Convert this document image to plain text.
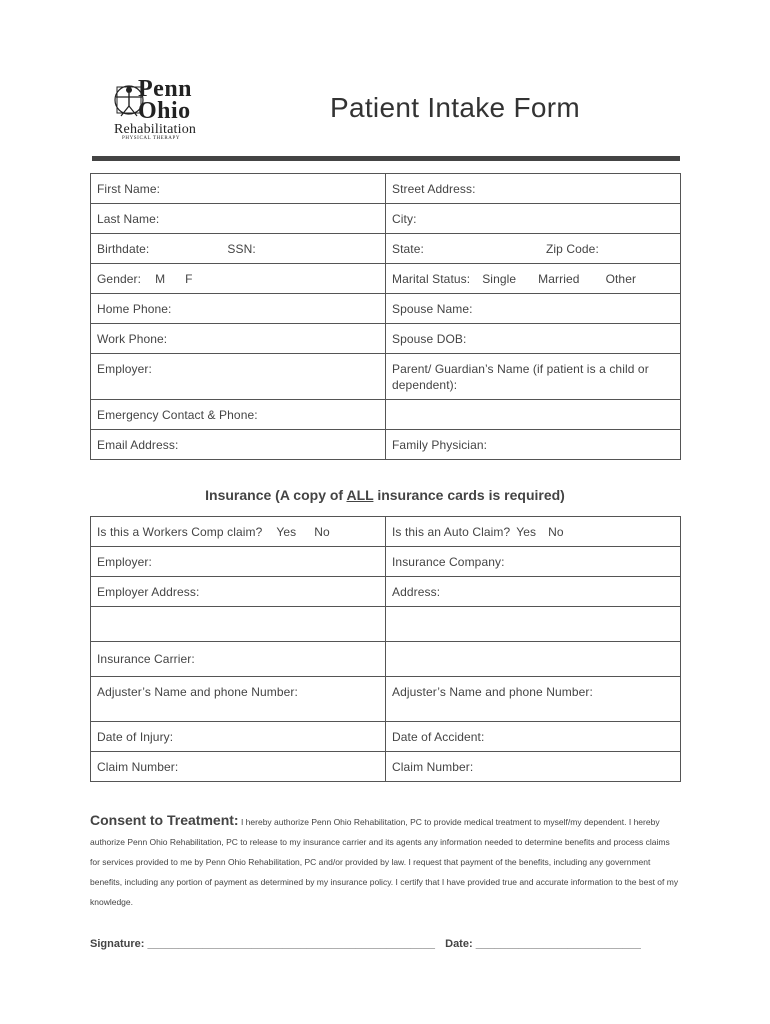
Penn
Ohio
Rehabilitation
PHYSICAL THERAPY
Patient Intake Form
First Name:	Street Address:
Last Name:	City:
Birthdate: SSN:	State: Zip Code:
Gender: M F	Marital Status: Single Married Other
Home Phone:	Spouse Name:
Work Phone:	Spouse DOB:
Employer:	Parent/ Guardian’s Name (if patient is a child or dependent):
Emergency Contact & Phone:	
Email Address:	Family Physician:
Insurance (A copy of ALL insurance cards is required)
Is this a Workers Comp claim? Yes No	Is this an Auto Claim? Yes No
Employer:	Insurance Company:
Employer Address:	Address:

Insurance Carrier:	
Adjuster’s Name and phone Number:	Adjuster’s Name and phone Number:
Date of Injury:	Date of Accident:
Claim Number:	Claim Number:
Consent to Treatment: I hereby authorize Penn Ohio Rehabilitation, PC to provide medical treatment to myself/my dependent. I hereby authorize Penn Ohio Rehabilitation, PC to release to my insurance carrier and its agents any information needed to determine benefits and process claims for services provided to me by Penn Ohio Rehabilitation, PC and/or provided by law. I request that payment of the benefits, including any government benefits, including any portion of payment as determined by my insurance policy. I certify that I have provided true and accurate information to the best of my knowledge.
Signature: _______________________________________________ Date: ___________________________
